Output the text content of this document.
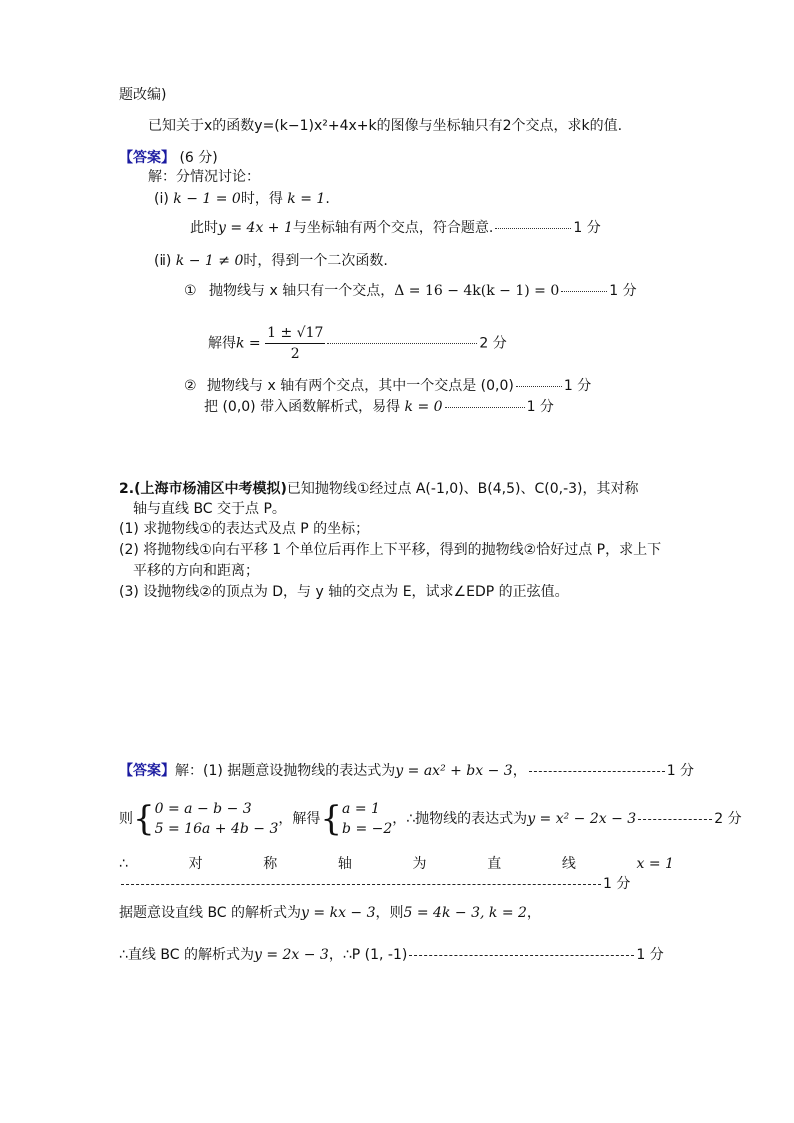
题改编)
已知关于x的函数y=(k−1)x²+4x+k的图像与坐标轴只有2个交点，求k的值.
【答案】 (6 分)
解：分情况讨论：
(ⅰ) k − 1 = 0时，得 k = 1.
此时y = 4x + 1与坐标轴有两个交点，符合题意.	1 分
(ⅱ) k − 1 ≠ 0时，得到一个二次函数.
① 抛物线与 x 轴只有一个交点，Δ = 16 − 4k(k − 1) = 0	1 分
解得$k = \frac{1 \pm √17}{2}$	2 分
② 抛物线与 x 轴有两个交点，其中一个交点是 (0,0)	1 分
把 (0,0) 带入函数解析式，易得 k = 0	1 分
2.(上海市杨浦区中考模拟)已知抛物线①经过点 A(-1,0)、B(4,5)、C(0,-3)，其对称
轴与直线 BC 交于点 P。
(1) 求抛物线①的表达式及点 P 的坐标；
(2) 将抛物线①向右平移 1 个单位后再作上下平移，得到的抛物线②恰好过点 P，求上下
平移的方向和距离；
(3) 设抛物线②的顶点为 D，与 y 轴的交点为 E，试求∠EDP 的正弦值。
【答案】解：(1) 据题意设抛物线的表达式为y = ax² + bx − 3，	1 分
则{ 0 = a − b − 3
5 = 16a + 4b − 3
，解得{ a = 1
b = −2
，∴抛物线的表达式为y = x² − 2x − 3	2 分
∴	对	称	轴	为	直	线	x = 1
1 分
据题意设直线 BC 的解析式为y = kx − 3，则5 = 4k − 3, k = 2，
∴直线 BC 的解析式为y = 2x − 3，∴P (1, -1)	1 分
